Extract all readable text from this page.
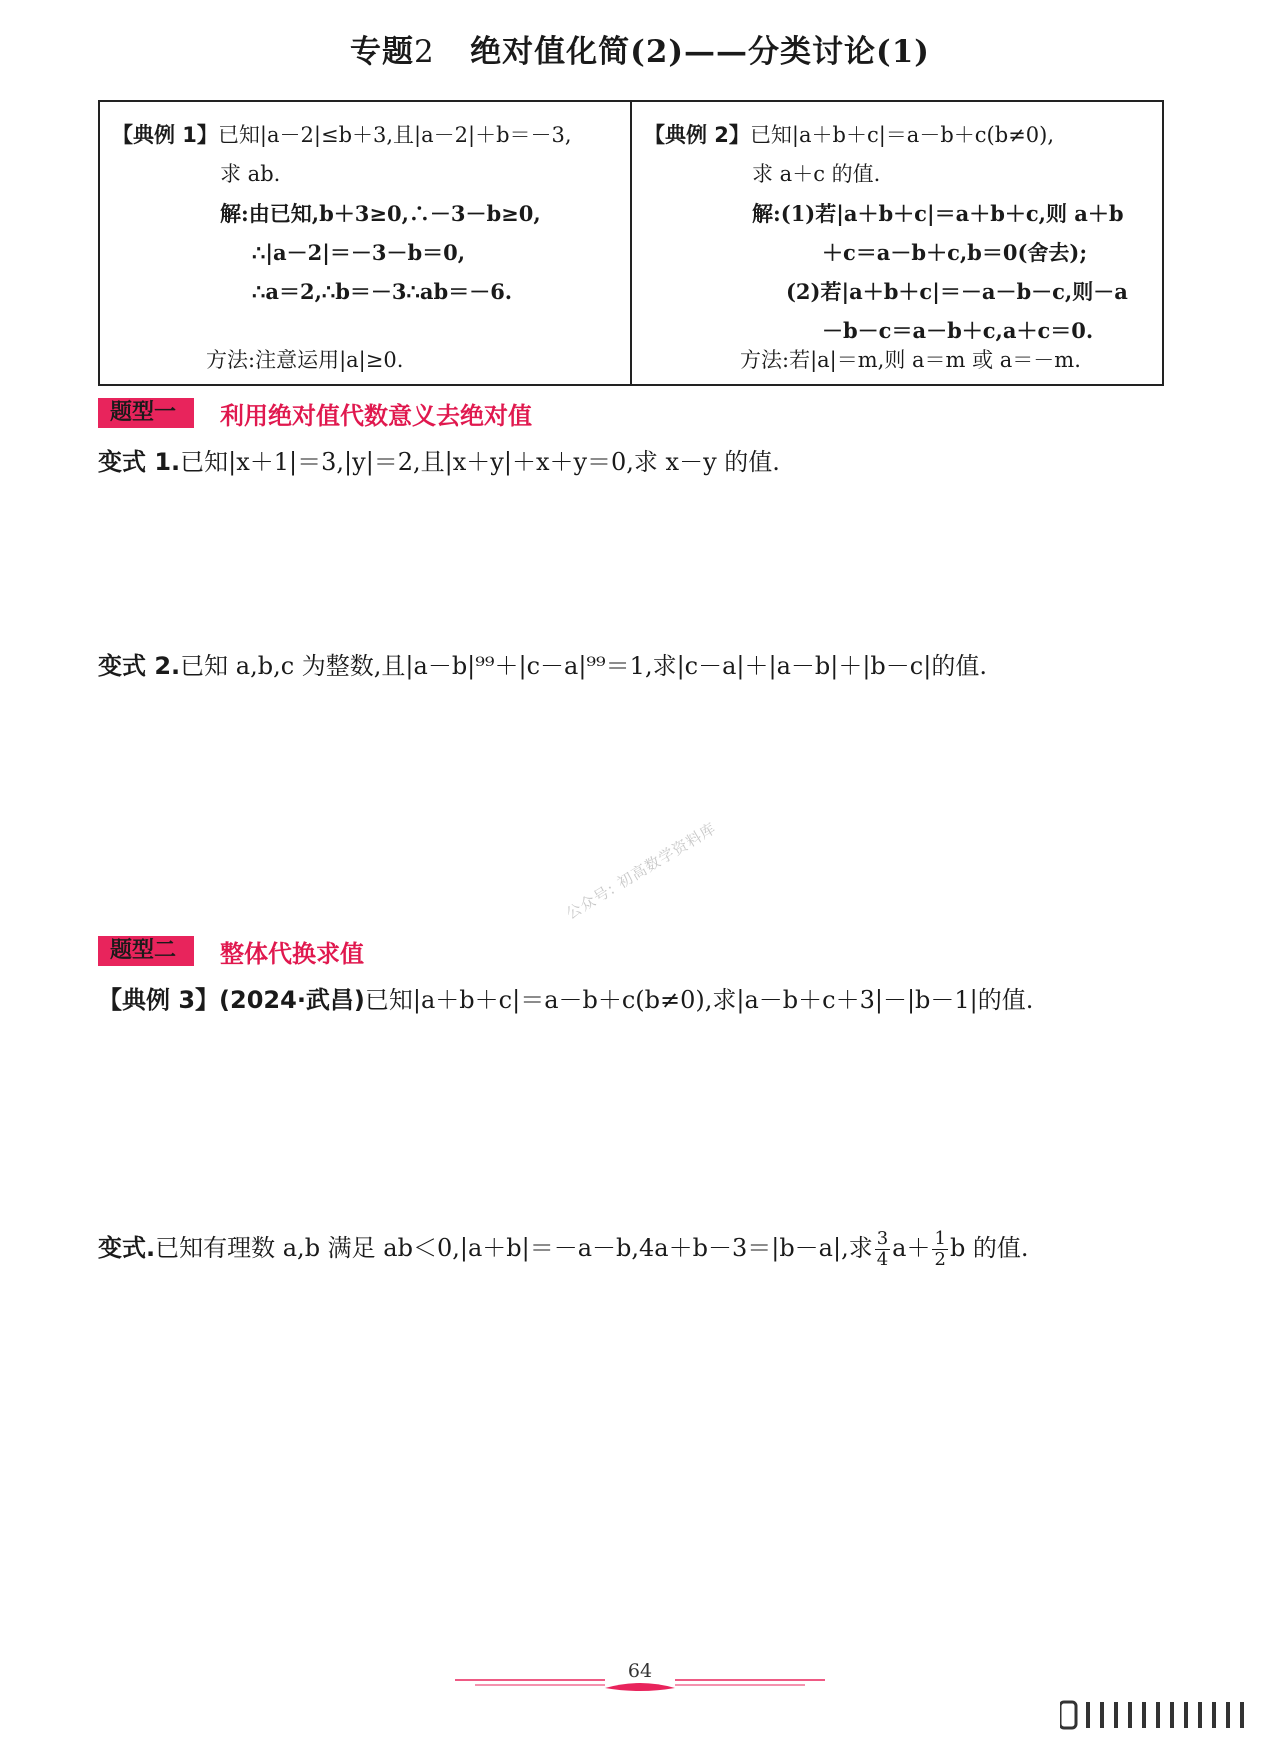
专题2 绝对值化简(2)——分类讨论(1)
【典例 1】已知|a－2|≤b＋3,且|a－2|＋b＝－3,
求 ab.
解:由已知,b＋3≥0,∴－3－b≥0,
∴|a－2|＝－3－b＝0,
∴a＝2,∴b＝－3∴ab＝－6.
方法:注意运用|a|≥0.
【典例 2】已知|a＋b＋c|＝a－b＋c(b≠0),
求 a＋c 的值.
解:(1)若|a＋b＋c|＝a＋b＋c,则 a＋b
＋c＝a－b＋c,b＝0(舍去);
(2)若|a＋b＋c|＝－a－b－c,则－a
－b－c＝a－b＋c,a＋c＝0.
方法:若|a|＝m,则 a＝m 或 a＝－m.
题型一	利用绝对值代数意义去绝对值
变式 1.已知|x＋1|＝3,|y|＝2,且|x＋y|＋x＋y＝0,求 x－y 的值.
变式 2.已知 a,b,c 为整数,且|a－b|⁹⁹＋|c－a|⁹⁹＝1,求|c－a|＋|a－b|＋|b－c|的值.
公众号: 初高数学资料库
题型二	整体代换求值
【典例 3】(2024·武昌)已知|a＋b＋c|＝a－b＋c(b≠0),求|a－b＋c＋3|－|b－1|的值.
变式.已知有理数 a,b 满足 ab＜0,|a＋b|＝－a－b,4a＋b－3＝|b－a|,求 $\frac{3}{4} a+ \frac{1}{2}$ b 的值.
64
